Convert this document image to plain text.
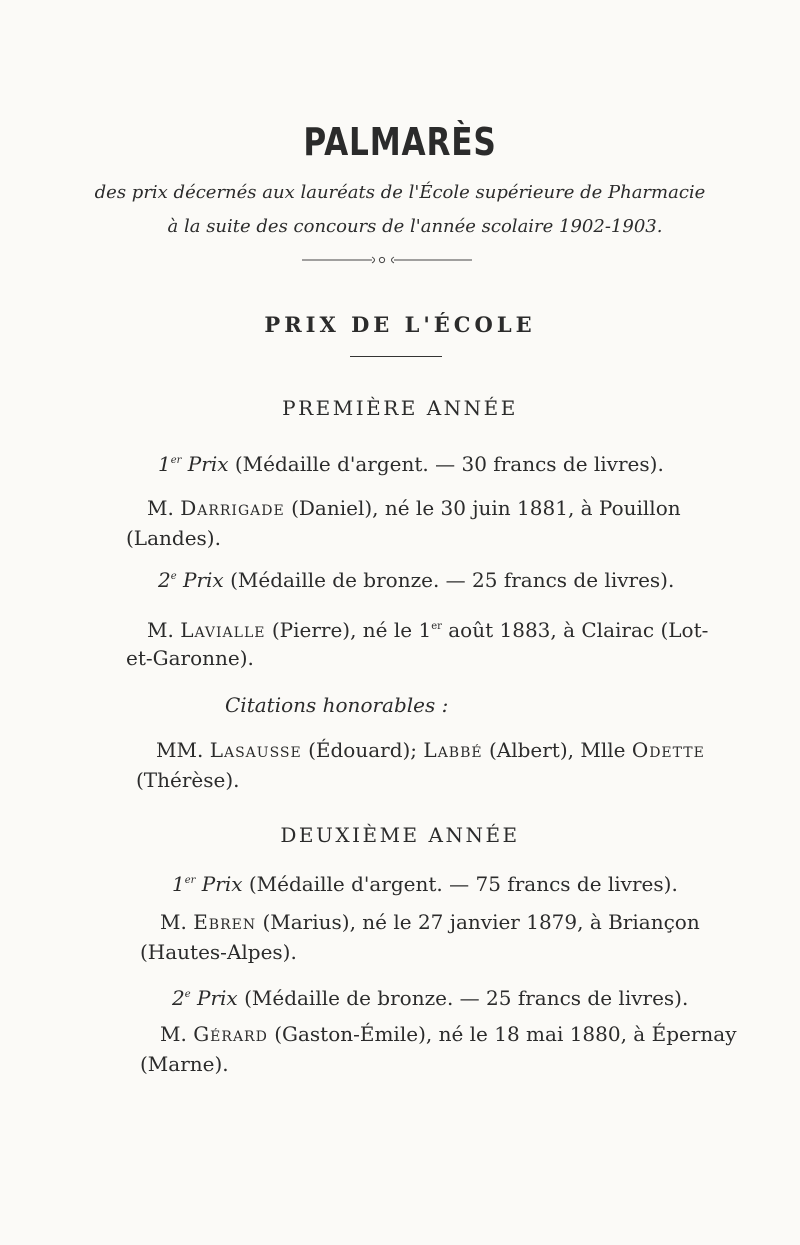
PALMARÈS
des prix décernés aux lauréats de l'École supérieure de Pharmacie
à la suite des concours de l'année scolaire 1902-1903.
PRIX DE L'ÉCOLE
PREMIÈRE ANNÉE
1er Prix (Médaille d'argent. — 30 francs de livres).
M. Darrigade (Daniel), né le 30 juin 1881, à Pouillon
(Landes).
2e Prix (Médaille de bronze. — 25 francs de livres).
M. Lavialle (Pierre), né le 1er août 1883, à Clairac (Lot-
et-Garonne).
Citations honorables :
MM. Lasausse (Édouard); Labbé (Albert), Mlle Odette
(Thérèse).
DEUXIÈME ANNÉE
1er Prix (Médaille d'argent. — 75 francs de livres).
M. Ebren (Marius), né le 27 janvier 1879, à Briançon
(Hautes-Alpes).
2e Prix (Médaille de bronze. — 25 francs de livres).
M. Gérard (Gaston-Émile), né le 18 mai 1880, à Épernay
(Marne).
